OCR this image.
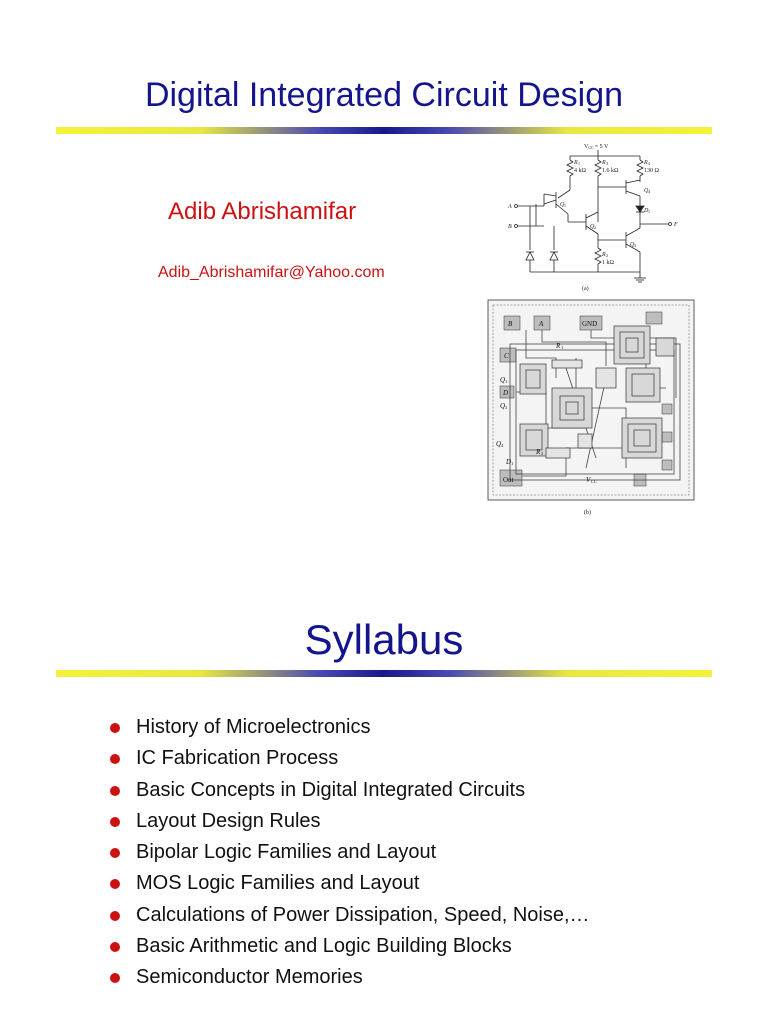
Digital Integrated Circuit Design
Adib Abrishamifar
Adib_Abrishamifar@Yahoo.com
VCC= 5 V
R 1
4 kΩ
R 3
1.6 kΩ
R 4
130 Ω
R 2
1 kΩ
Q 1
Q 2
Q 3
Q 4
D 1
A
B	F
(a)
B	A	GND
C
D
Q 1
Q 3
Q 4
D 1
R 1
R 2
Out	V CC
(b)
Syllabus
History of Microelectronics
IC Fabrication Process
Basic Concepts in Digital Integrated Circuits
Layout Design Rules
Bipolar Logic Families and Layout
MOS Logic Families and Layout
Calculations of Power Dissipation, Speed, Noise,…
Basic Arithmetic and Logic Building Blocks
Semiconductor Memories
